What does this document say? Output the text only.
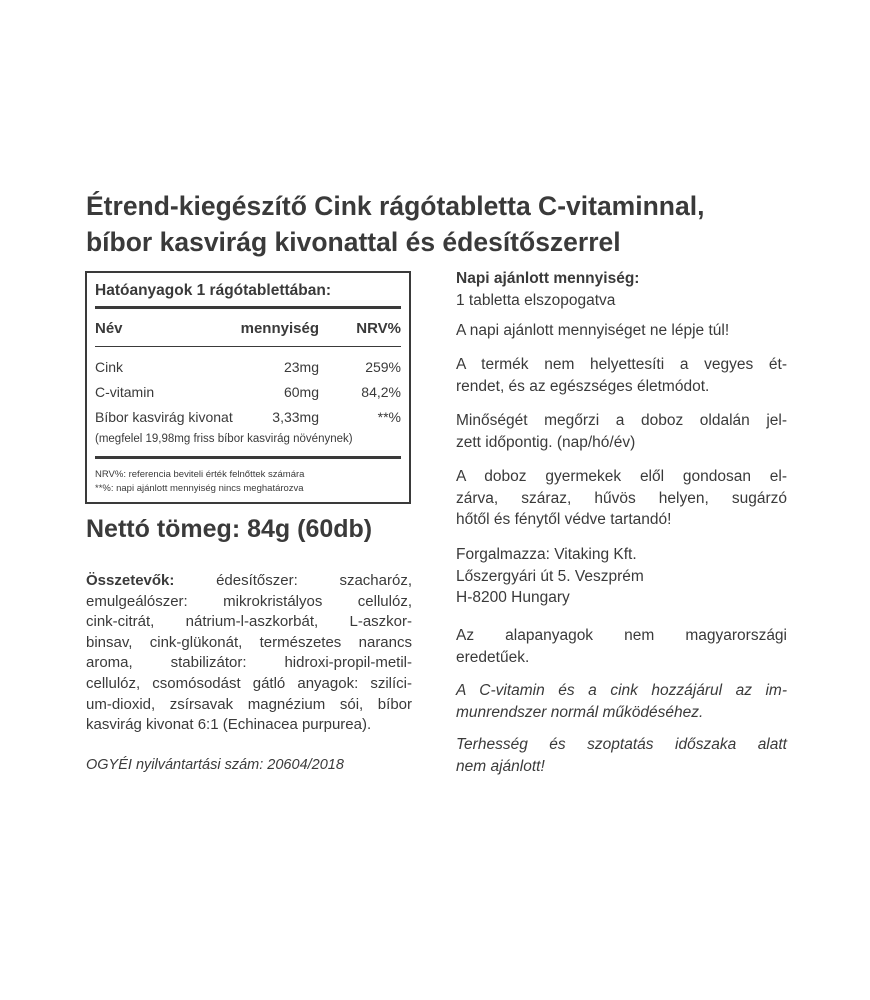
Étrend-kiegészítő Cink rágótabletta C-vitaminnal,
bíbor kasvirág kivonattal és édesítőszerrel
Hatóanyagok 1 rágótablettában:
Név	mennyiség NRV%
Cink	23mg	259%
C-vitamin	60mg	84,2%
Bíbor kasvirág kivonat	3,33mg	**%
(megfelel 19,98mg friss bíbor kasvirág növénynek)
NRV%: referencia beviteli érték felnőttek számára
**%: napi ajánlott mennyiség nincs meghatározva
Nettó tömeg: 84g (60db)
Összetevők:	édesítőszer: szacharóz,
emulgeálószer: mikrokristályos cellulóz,
cink-citrát, nátrium-l-aszkorbát, L-aszkor-
binsav, cink-glükonát, természetes narancs
aroma, stabilizátor: hidroxi-propil-metil-
cellulóz, csomósodást gátló anyagok: szilíci-
um-dioxid, zsírsavak magnézium sói, bíbor
kasvirág kivonat 6:1 (Echinacea purpurea).
OGYÉI nyilvántartási szám: 20604/2018
Napi ajánlott mennyiség:
1 tabletta elszopogatva
A napi ajánlott mennyiséget ne lépje túl!
A termék nem helyettesíti a vegyes ét-
rendet, és az egészséges életmódot.
Minőségét megőrzi a doboz oldalán jel-
zett időpontig. (nap/hó/év)
A doboz gyermekek elől gondosan el-
zárva, száraz, hűvös helyen, sugárzó
hőtől és fénytől védve tartandó!
Forgalmazza: Vitaking Kft.
Lőszergyári út 5. Veszprém
H-8200 Hungary
Az alapanyagok nem magyarországi
eredetűek.
A C-vitamin és a cink hozzájárul az im-
munrendszer normál működéséhez.
Terhesség és szoptatás időszaka alatt
nem ajánlott!
